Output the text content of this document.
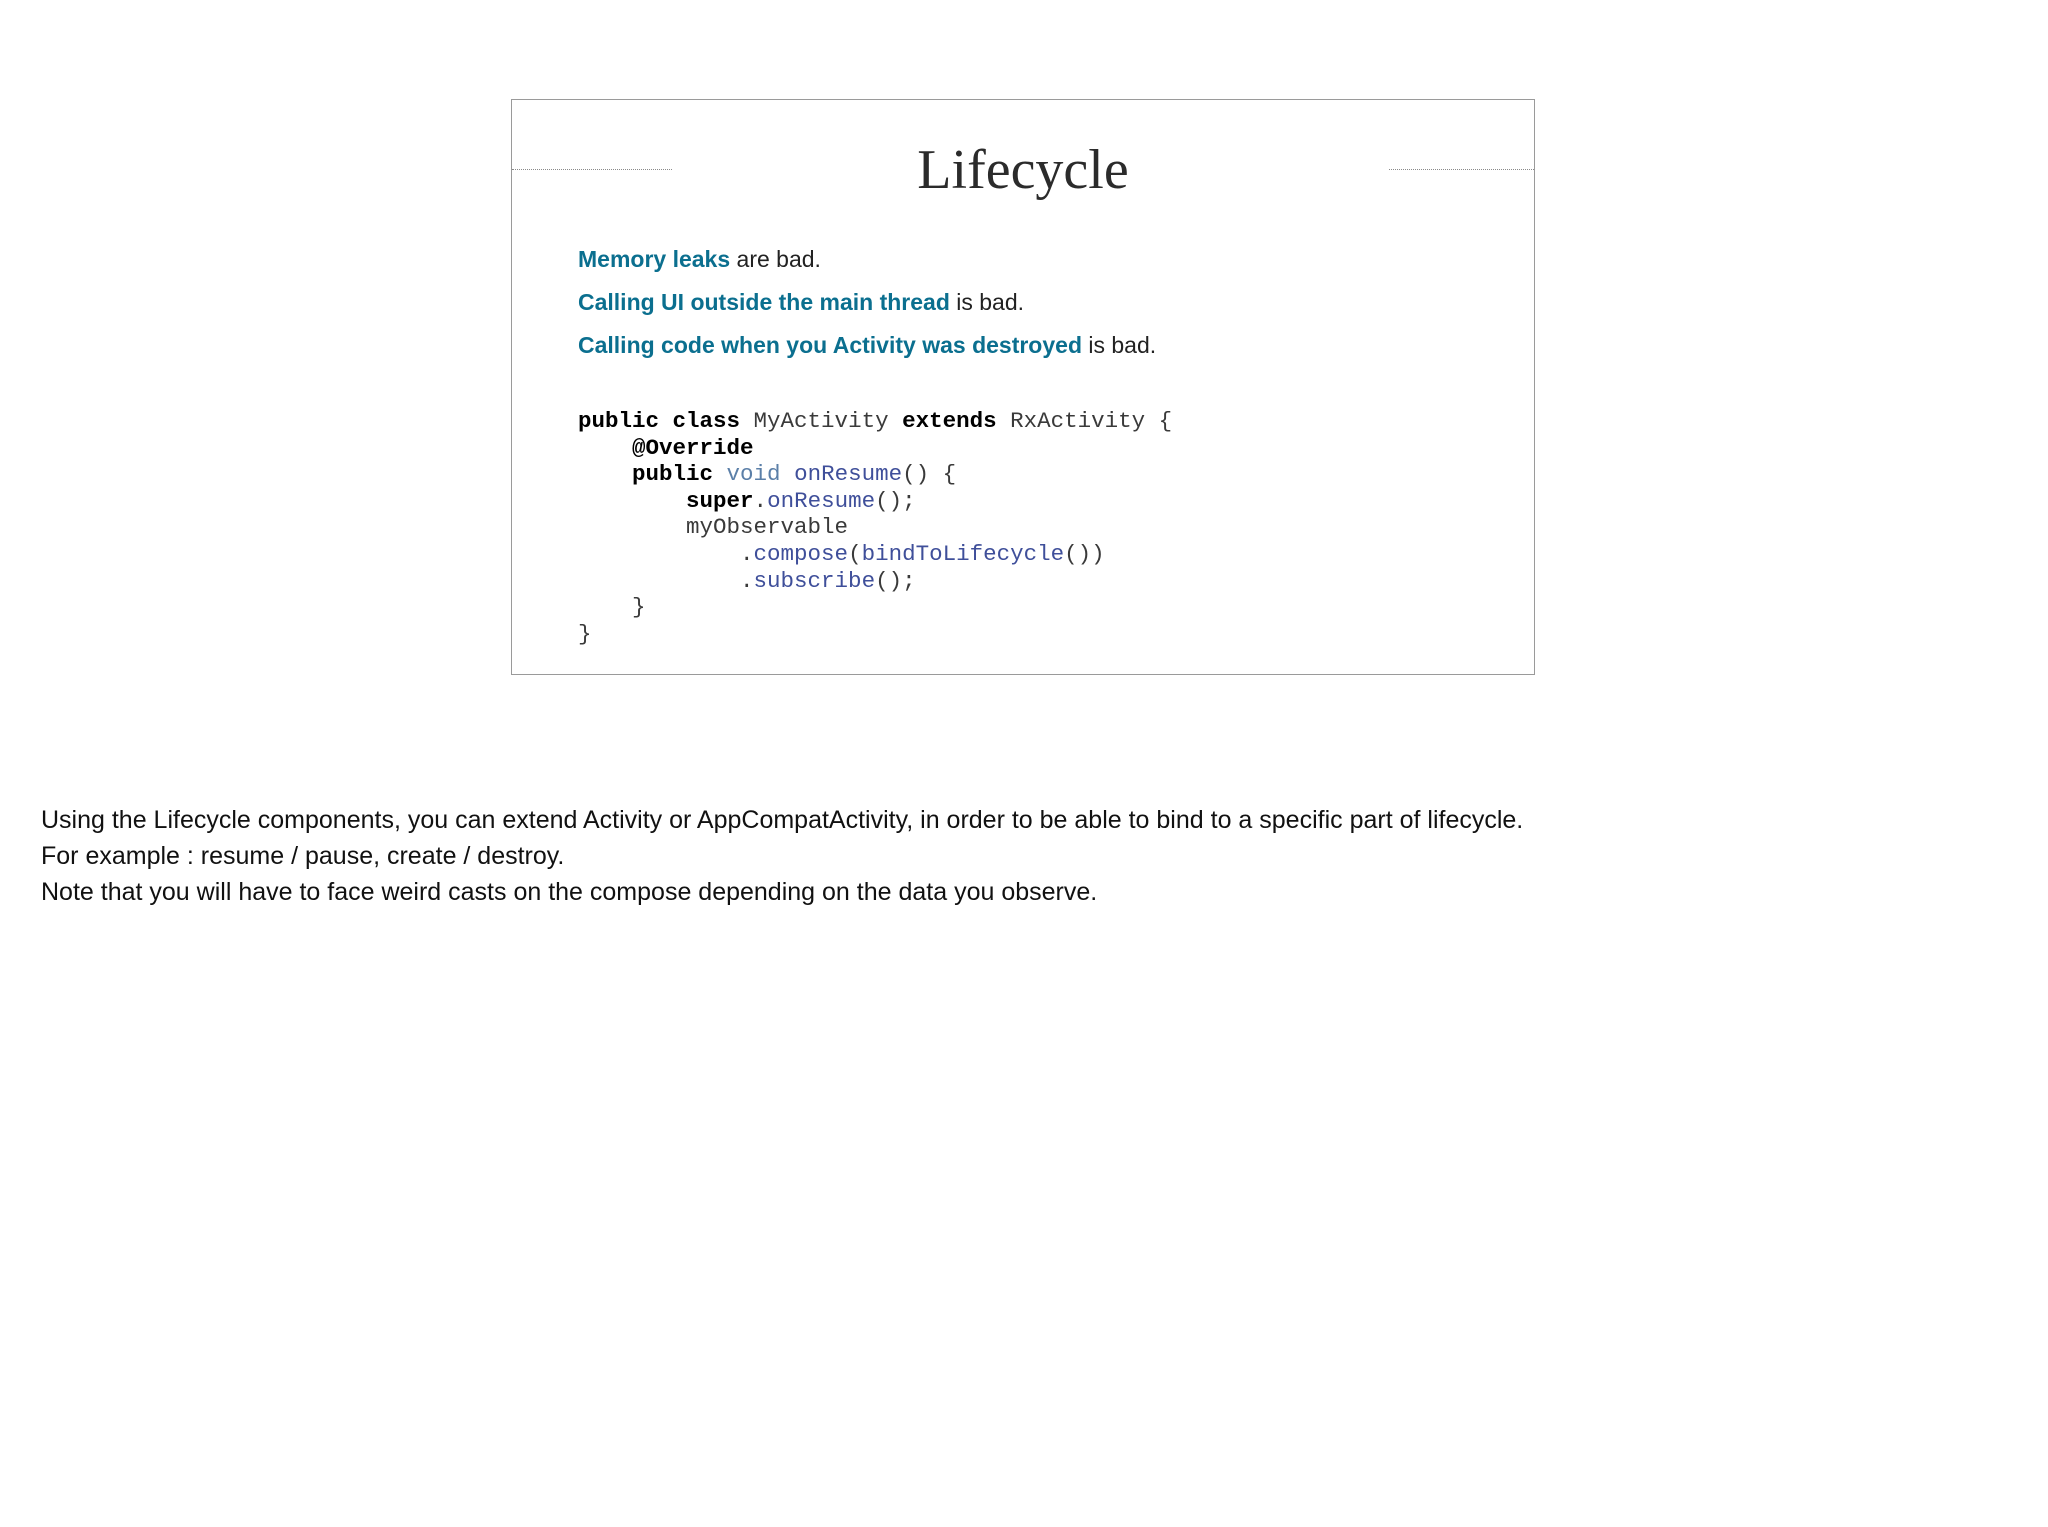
Lifecycle
Memory leaks are bad.
Calling UI outside the main thread is bad.
Calling code when you Activity was destroyed is bad.
public class MyActivity extends RxActivity {
@Override
public void onResume() {
super.onResume();
myObservable
.compose(bindToLifecycle())
.subscribe();
}
}

Using the Lifecycle components, you can extend Activity or AppCompatActivity, in order to be able to bind to a specific part of lifecycle.

For example : resume / pause, create / destroy.

Note that you will have to face weird casts on the compose depending on the data you observe.
